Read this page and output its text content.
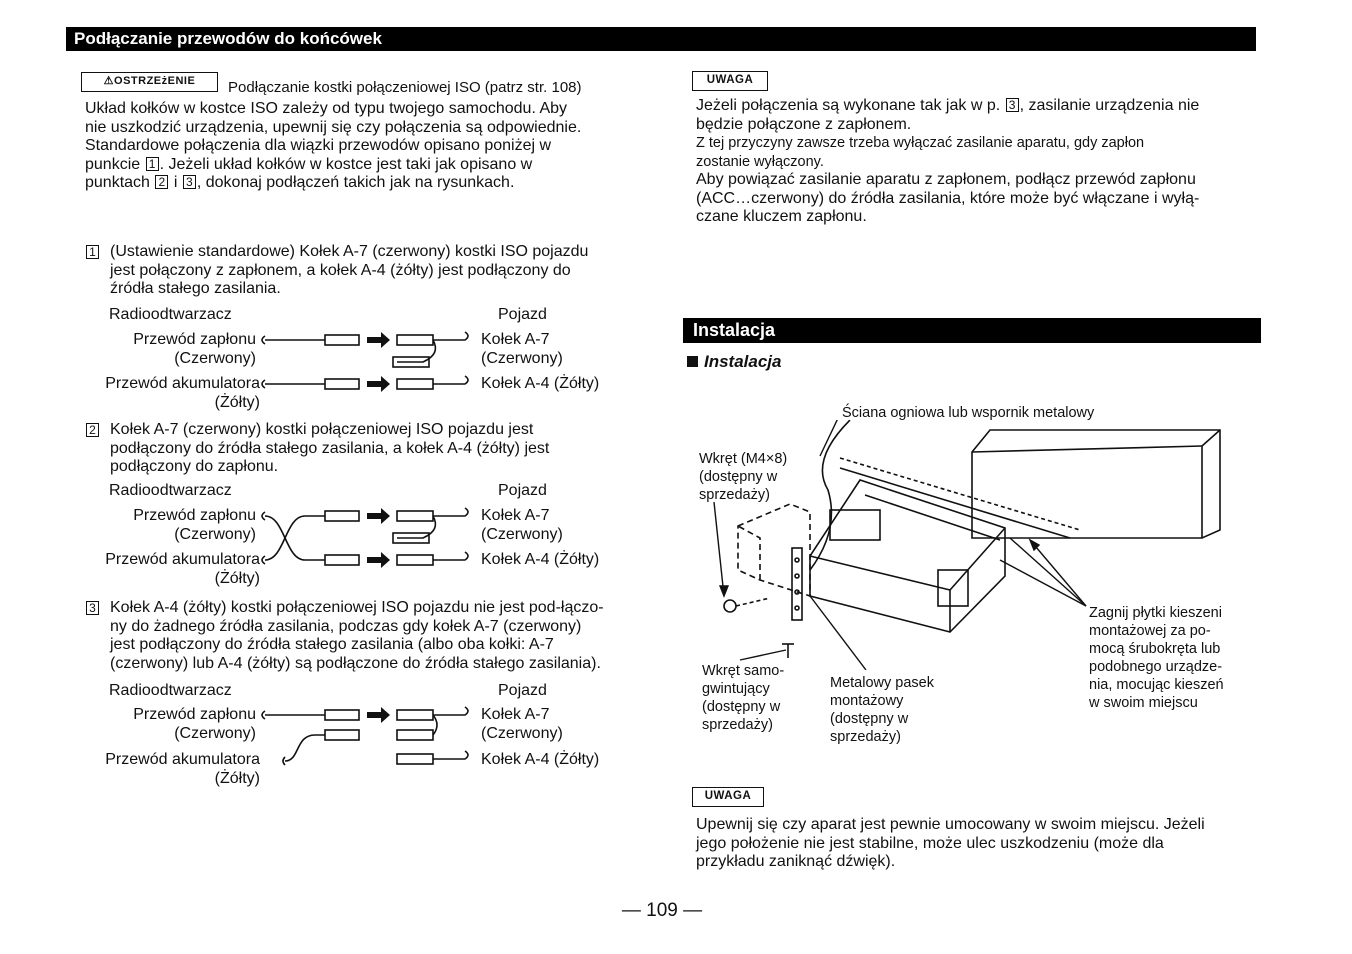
Podłączanie przewodów do końcówek
⚠OSTRZEżENIE	Podłączanie kostki połączeniowej ISO (patrz str. 108)
Układ kołków w kostce ISO zależy od typu twojego samochodu. Aby
nie uszkodzić urządzenia, upewnij się czy połączenia są odpowiednie.
Standardowe połączenia dla wiązki przewodów opisano poniżej w
punkcie 1 . Jeżeli układ kołków w kostce jest taki jak opisano w
punktach 2 i 3 , dokonaj podłączeń takich jak na rysunkach.
1 (Ustawienie standardowe) Kołek A-7 (czerwony) kostki ISO pojazdu
jest połączony z zapłonem, a kołek A-4 (żółty) jest podłączony do
źródła stałego zasilania.
Radioodtwarzacz	Pojazd
Przewód zapłonu
(Czerwony)
Przewód akumulatora
(Żółty)
Kołek A-7
(Czerwony)
Kołek A-4 (Żółty)
2 Kołek A-7 (czerwony) kostki połączeniowej ISO pojazdu jest
podłączony do źródła stałego zasilania, a kołek A-4 (żółty) jest
podłączony do zapłonu.
Radioodtwarzacz	Pojazd
Przewód zapłonu
(Czerwony)
Przewód akumulatora
(Żółty)
Kołek A-7
(Czerwony)
Kołek A-4 (Żółty)
3 Kołek A-4 (żółty) kostki połączeniowej ISO pojazdu nie jest pod-łączo-
ny do żadnego źródła zasilania, podczas gdy kołek A-7 (czerwony)
jest podłączony do źródła stałego zasilania (albo oba kołki: A-7
(czerwony) lub A-4 (żółty) są podłączone do źródła stałego zasilania).
Radioodtwarzacz	Pojazd
Przewód zapłonu
(Czerwony)
Przewód akumulatora
(Żółty)
Kołek A-7
(Czerwony)
Kołek A-4 (Żółty)
UWAGA
Jeżeli połączenia są wykonane tak jak w p. 3 , zasilanie urządzenia nie
będzie połączone z zapłonem.
Z tej przyczyny zawsze trzeba wyłączać zasilanie aparatu, gdy zapłon
zostanie wyłączony.
Aby powiązać zasilanie aparatu z zapłonem, podłącz przewód zapłonu
(ACC…czerwony) do źródła zasilania, które może być włączane i wyłą-
czane kluczem zapłonu.
Instalacja
Instalacja
Ściana ogniowa lub wspornik metalowy
Wkręt (M4×8)
(dostępny w
sprzedaży)
Wkręt samo-
gwintujący
(dostępny w
sprzedaży)
Metalowy pasek
montażowy
(dostępny w
sprzedaży)
Zagnij płytki kieszeni
montażowej za po-
mocą śrubokręta lub
podobnego urządze-
nia, mocując kieszeń
w swoim miejscu
UWAGA
Upewnij się czy aparat jest pewnie umocowany w swoim miejscu. Jeżeli
jego położenie nie jest stabilne, może ulec uszkodzeniu (może dla
przykładu zaniknąć dźwięk).
— 109 —
